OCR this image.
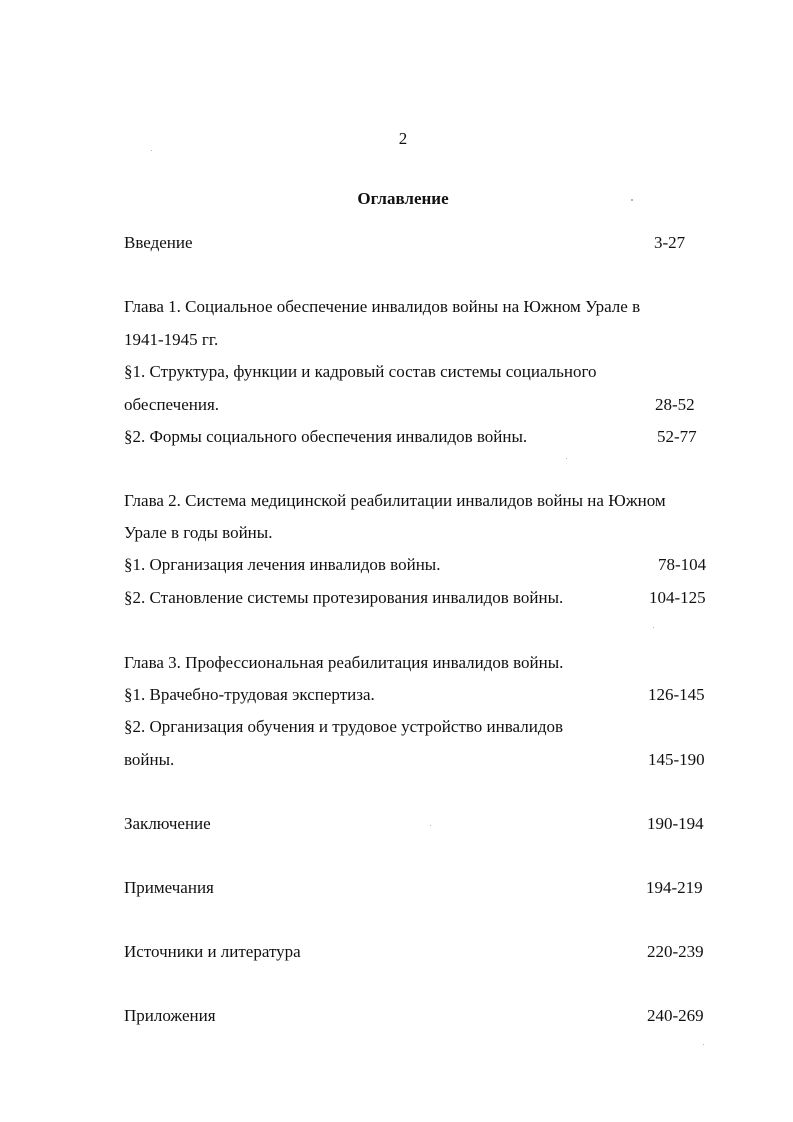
2
Оглавление
Введение	3-27
Глава 1. Социальное обеспечение инвалидов войны на Южном Урале в
1941-1945 гг.
§1. Структура, функции и кадровый состав системы социального
обеспечения.	28-52
§2. Формы социального обеспечения инвалидов войны.	52-77
Глава 2. Система медицинской реабилитации инвалидов войны на Южном
Урале в годы войны.
§1. Организация лечения инвалидов войны.	78-104
§2. Становление системы протезирования инвалидов войны.	104-125
Глава 3. Профессиональная реабилитация инвалидов войны.
§1. Врачебно-трудовая экспертиза.	126-145
§2. Организация обучения и трудовое устройство инвалидов
войны.	145-190
Заключение	190-194
Примечания	194-219
Источники и литература	220-239
Приложения	240-269
